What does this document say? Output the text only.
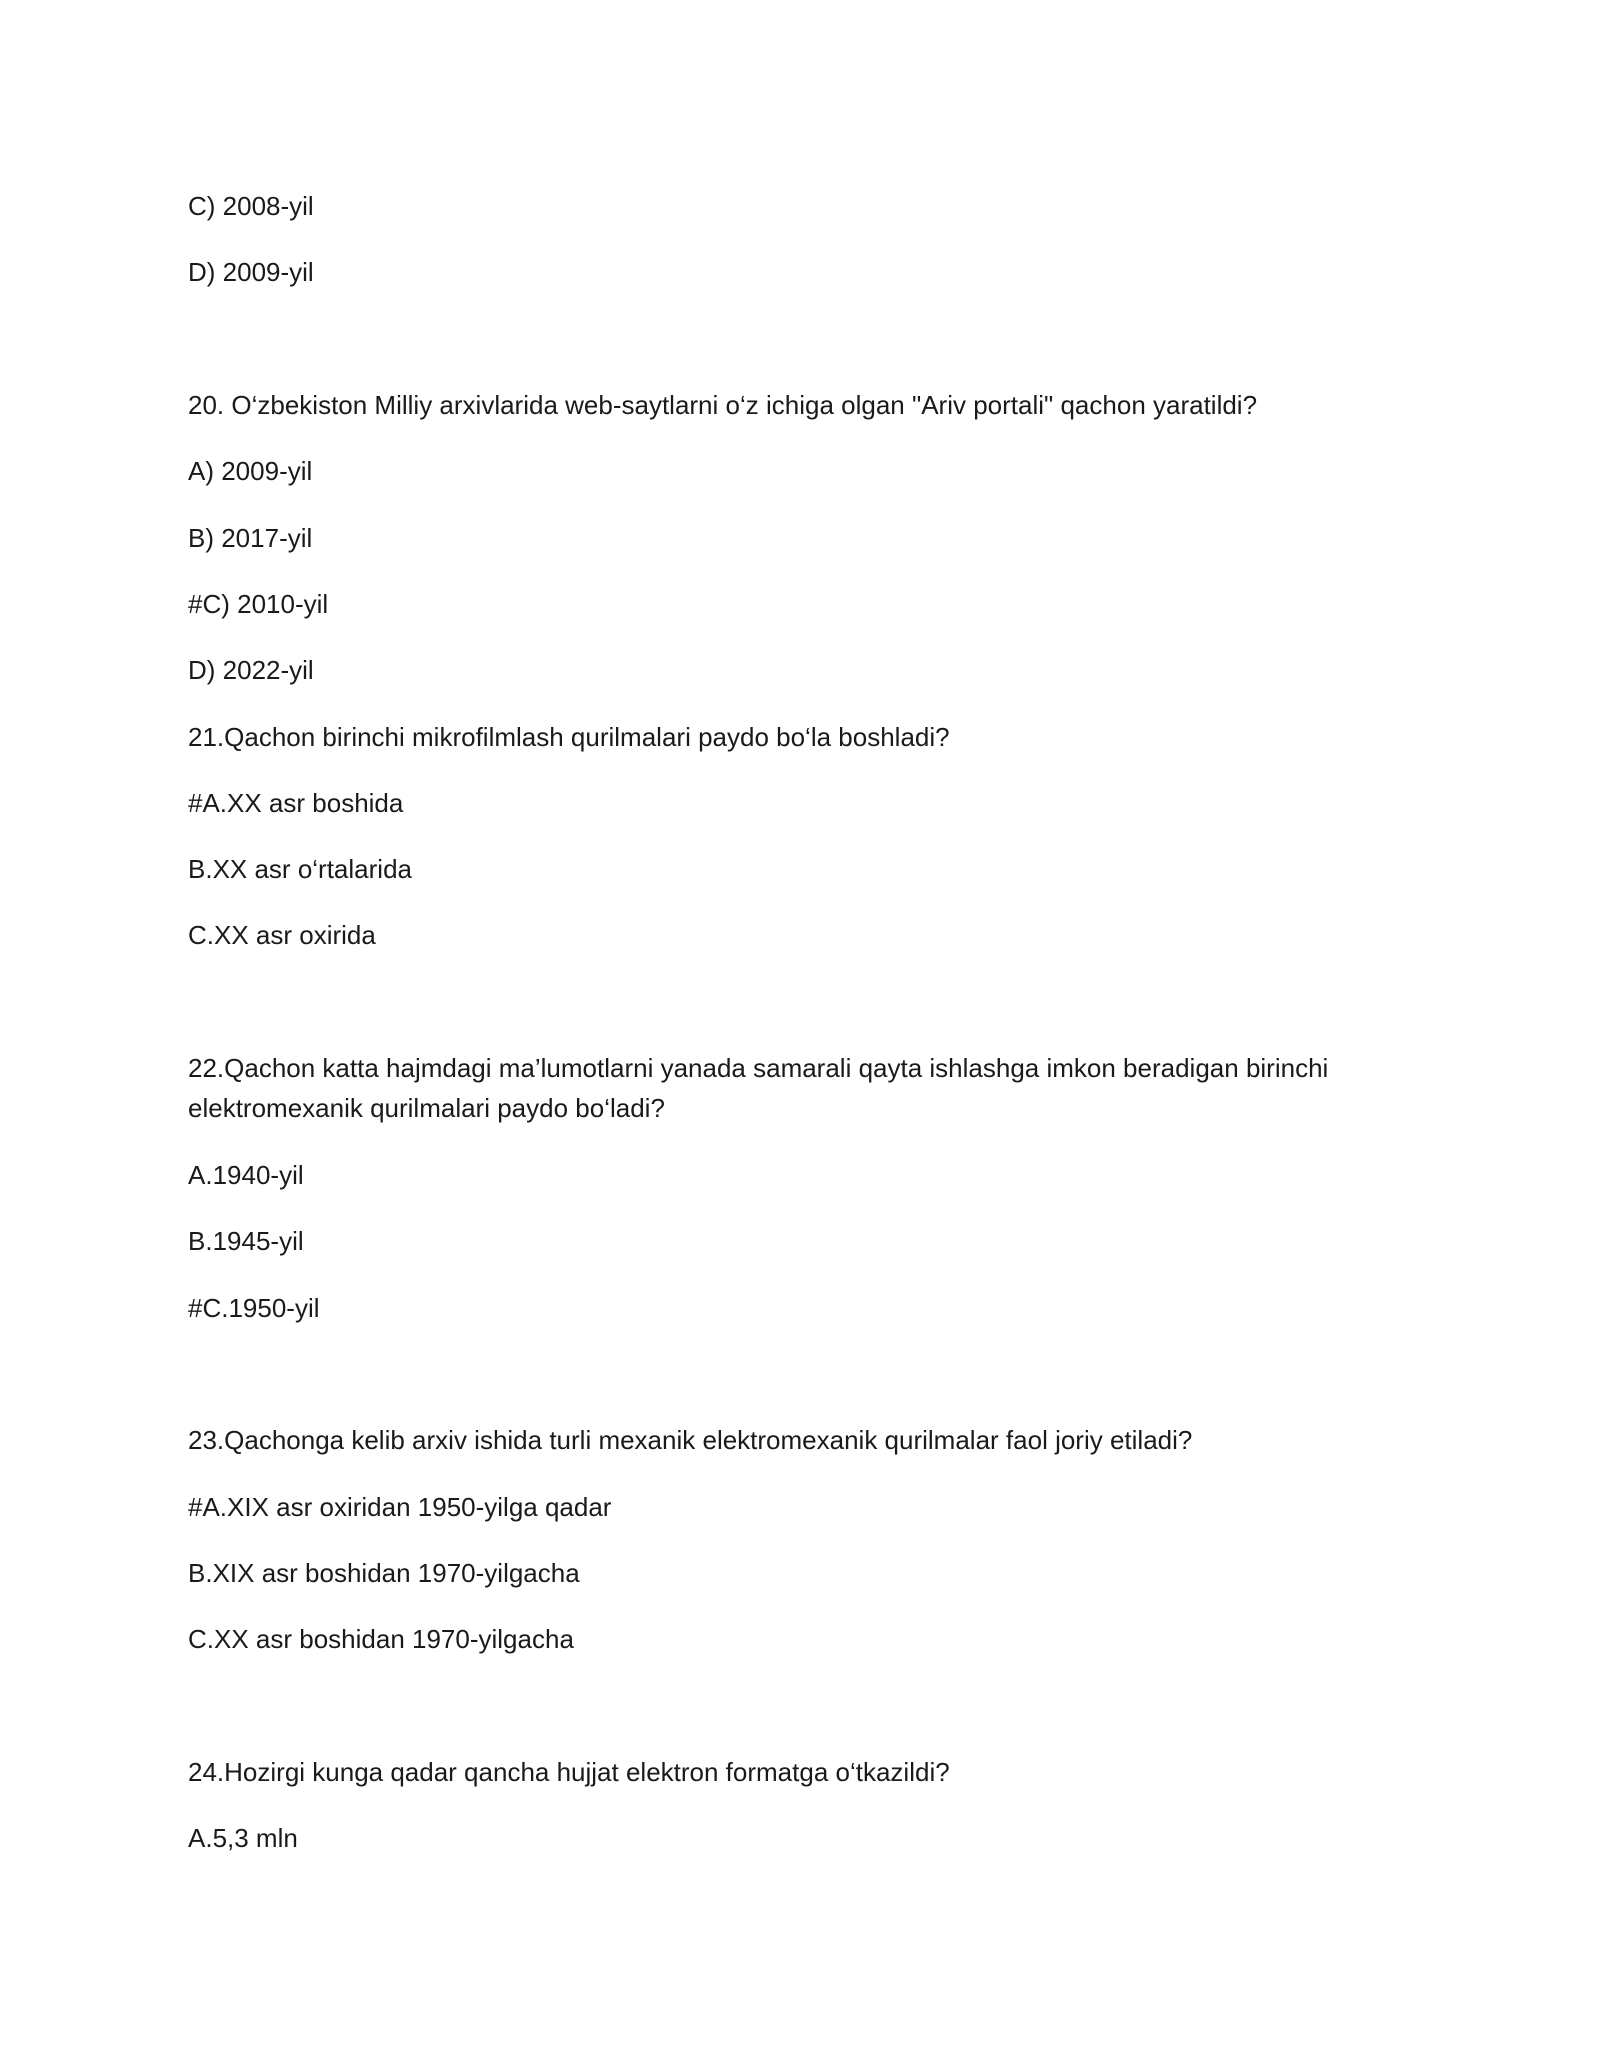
C) 2008-yil
D) 2009-yil
20. O‘zbekiston Milliy arxivlarida web-saytlarni o‘z ichiga olgan "Ariv portali" qachon yaratildi?
A) 2009-yil
B) 2017-yil
#C) 2010-yil
D) 2022-yil
21.Qachon birinchi mikrofilmlash qurilmalari paydo bo‘la boshladi?
#A.XX asr boshida
B.XX asr o‘rtalarida
C.XX asr oxirida
22.Qachon katta hajmdagi ma’lumotlarni yanada samarali qayta ishlashga imkon beradigan birinchi elektromexanik qurilmalari paydo bo‘ladi?
A.1940-yil
B.1945-yil
#C.1950-yil
23.Qachonga kelib arxiv ishida turli mexanik elektromexanik qurilmalar faol joriy etiladi?
#A.XIX asr oxiridan 1950-yilga qadar
B.XIX asr boshidan 1970-yilgacha
C.XX asr boshidan 1970-yilgacha
24.Hozirgi kunga qadar qancha hujjat elektron formatga o‘tkazildi?
A.5,3 mln
